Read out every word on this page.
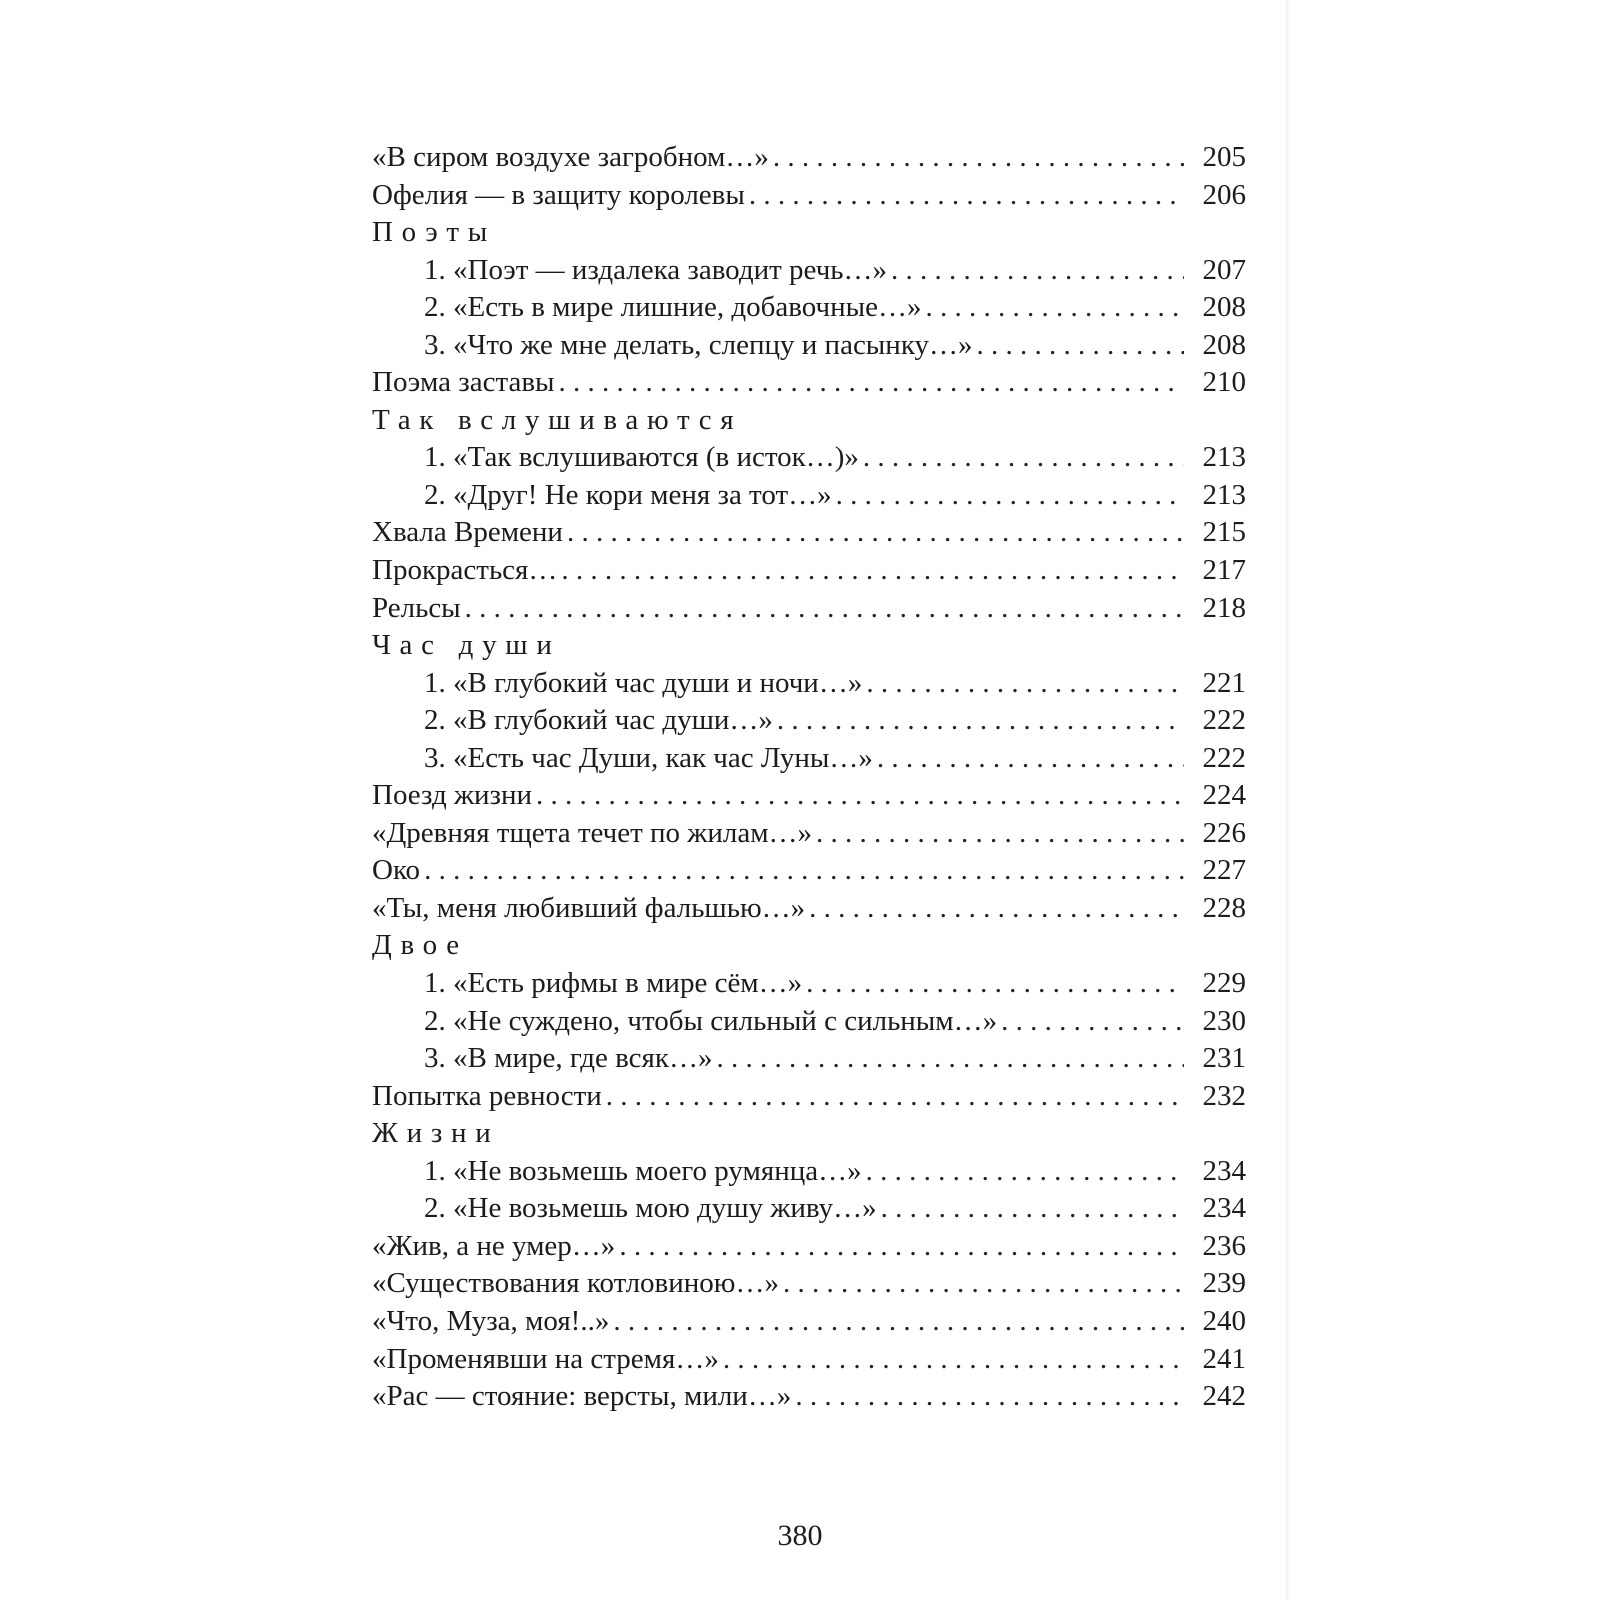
«В сиром воздухе загробном…» . . .	205
Офелия — в защиту королевы . . .	206
Поэты
1. «Поэт — издалека заводит речь…» . . .	207
2. «Есть в мире лишние, добавочные…» . . .	208
3. «Что же мне делать, слепцу и пасынку…» . . .	208
Поэма заставы . . .	210
Так вслушиваются
1. «Так вслушиваются (в исток…)» . . .	213
2. «Друг! Не кори меня за тот…» . . .	213
Хвала Времени . . .	215
Прокрасться… . . .	217
Рельсы . . .	218
Час души
1. «В глубокий час души и ночи…» . . .	221
2. «В глубокий час души…» . . .	222
3. «Есть час Души, как час Луны…» . . .	222
Поезд жизни . . .	224
«Древняя тщета течет по жилам…» . . .	226
Око . . .	227
«Ты, меня любивший фальшью…» . . .	228
Двое
1. «Есть рифмы в мире сём…» . . .	229
2. «Не суждено, чтобы сильный с сильным…» . . .	230
3. «В мире, где всяк…» . . .	231
Попытка ревности . . .	232
Жизни
1. «Не возьмешь моего румянца…» . . .	234
2. «Не возьмешь мою душу живу…» . . .	234
«Жив, а не умер…» . . .	236
«Существования котловиною…» . . .	239
«Что, Муза, моя!..» . . .	240
«Променявши на стремя…» . . .	241
«Рас — стояние: версты, мили…» . . .	242
380
